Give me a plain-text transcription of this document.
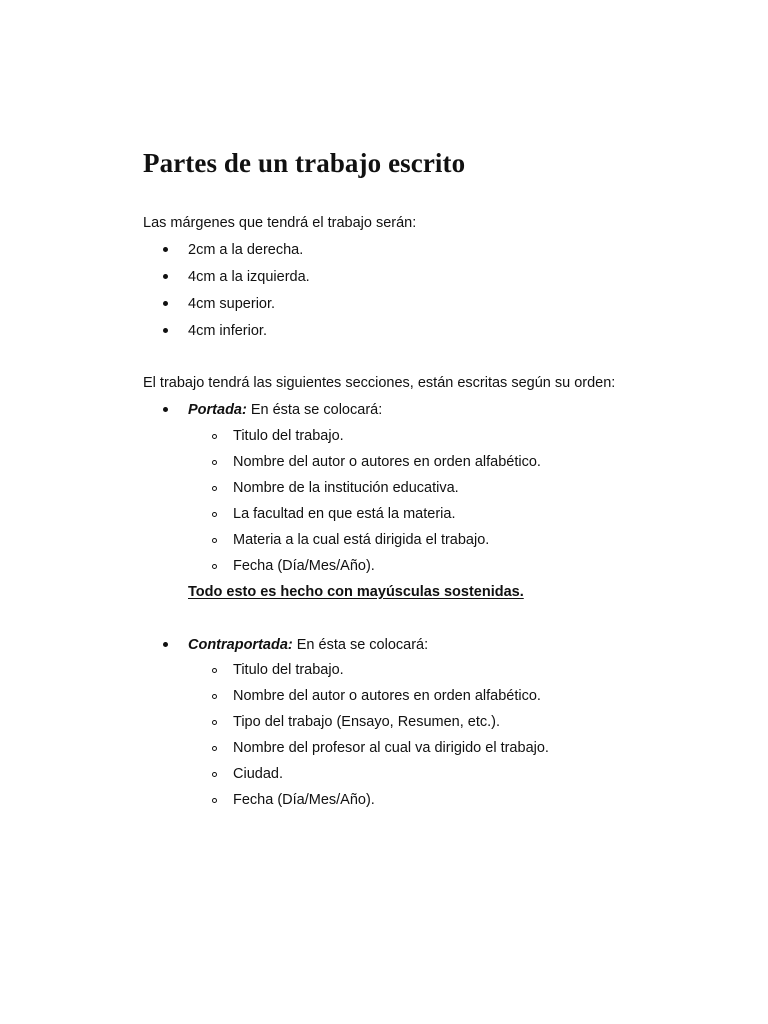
Partes de un trabajo escrito
Las márgenes que tendrá el trabajo serán:
2cm a la derecha.
4cm a la izquierda.
4cm superior.
4cm inferior.
El trabajo tendrá las siguientes secciones, están escritas según su orden:
Portada: En ésta se colocará:
Titulo del trabajo.
Nombre del autor o autores en orden alfabético.
Nombre de la institución educativa.
La facultad en que está la materia.
Materia a la cual está dirigida el trabajo.
Fecha (Día/Mes/Año).
Todo esto es hecho con mayúsculas sostenidas.
Contraportada: En ésta se colocará:
Titulo del trabajo.
Nombre del autor o autores en orden alfabético.
Tipo del trabajo (Ensayo, Resumen, etc.).
Nombre del profesor al cual va dirigido el trabajo.
Ciudad.
Fecha (Día/Mes/Año).
